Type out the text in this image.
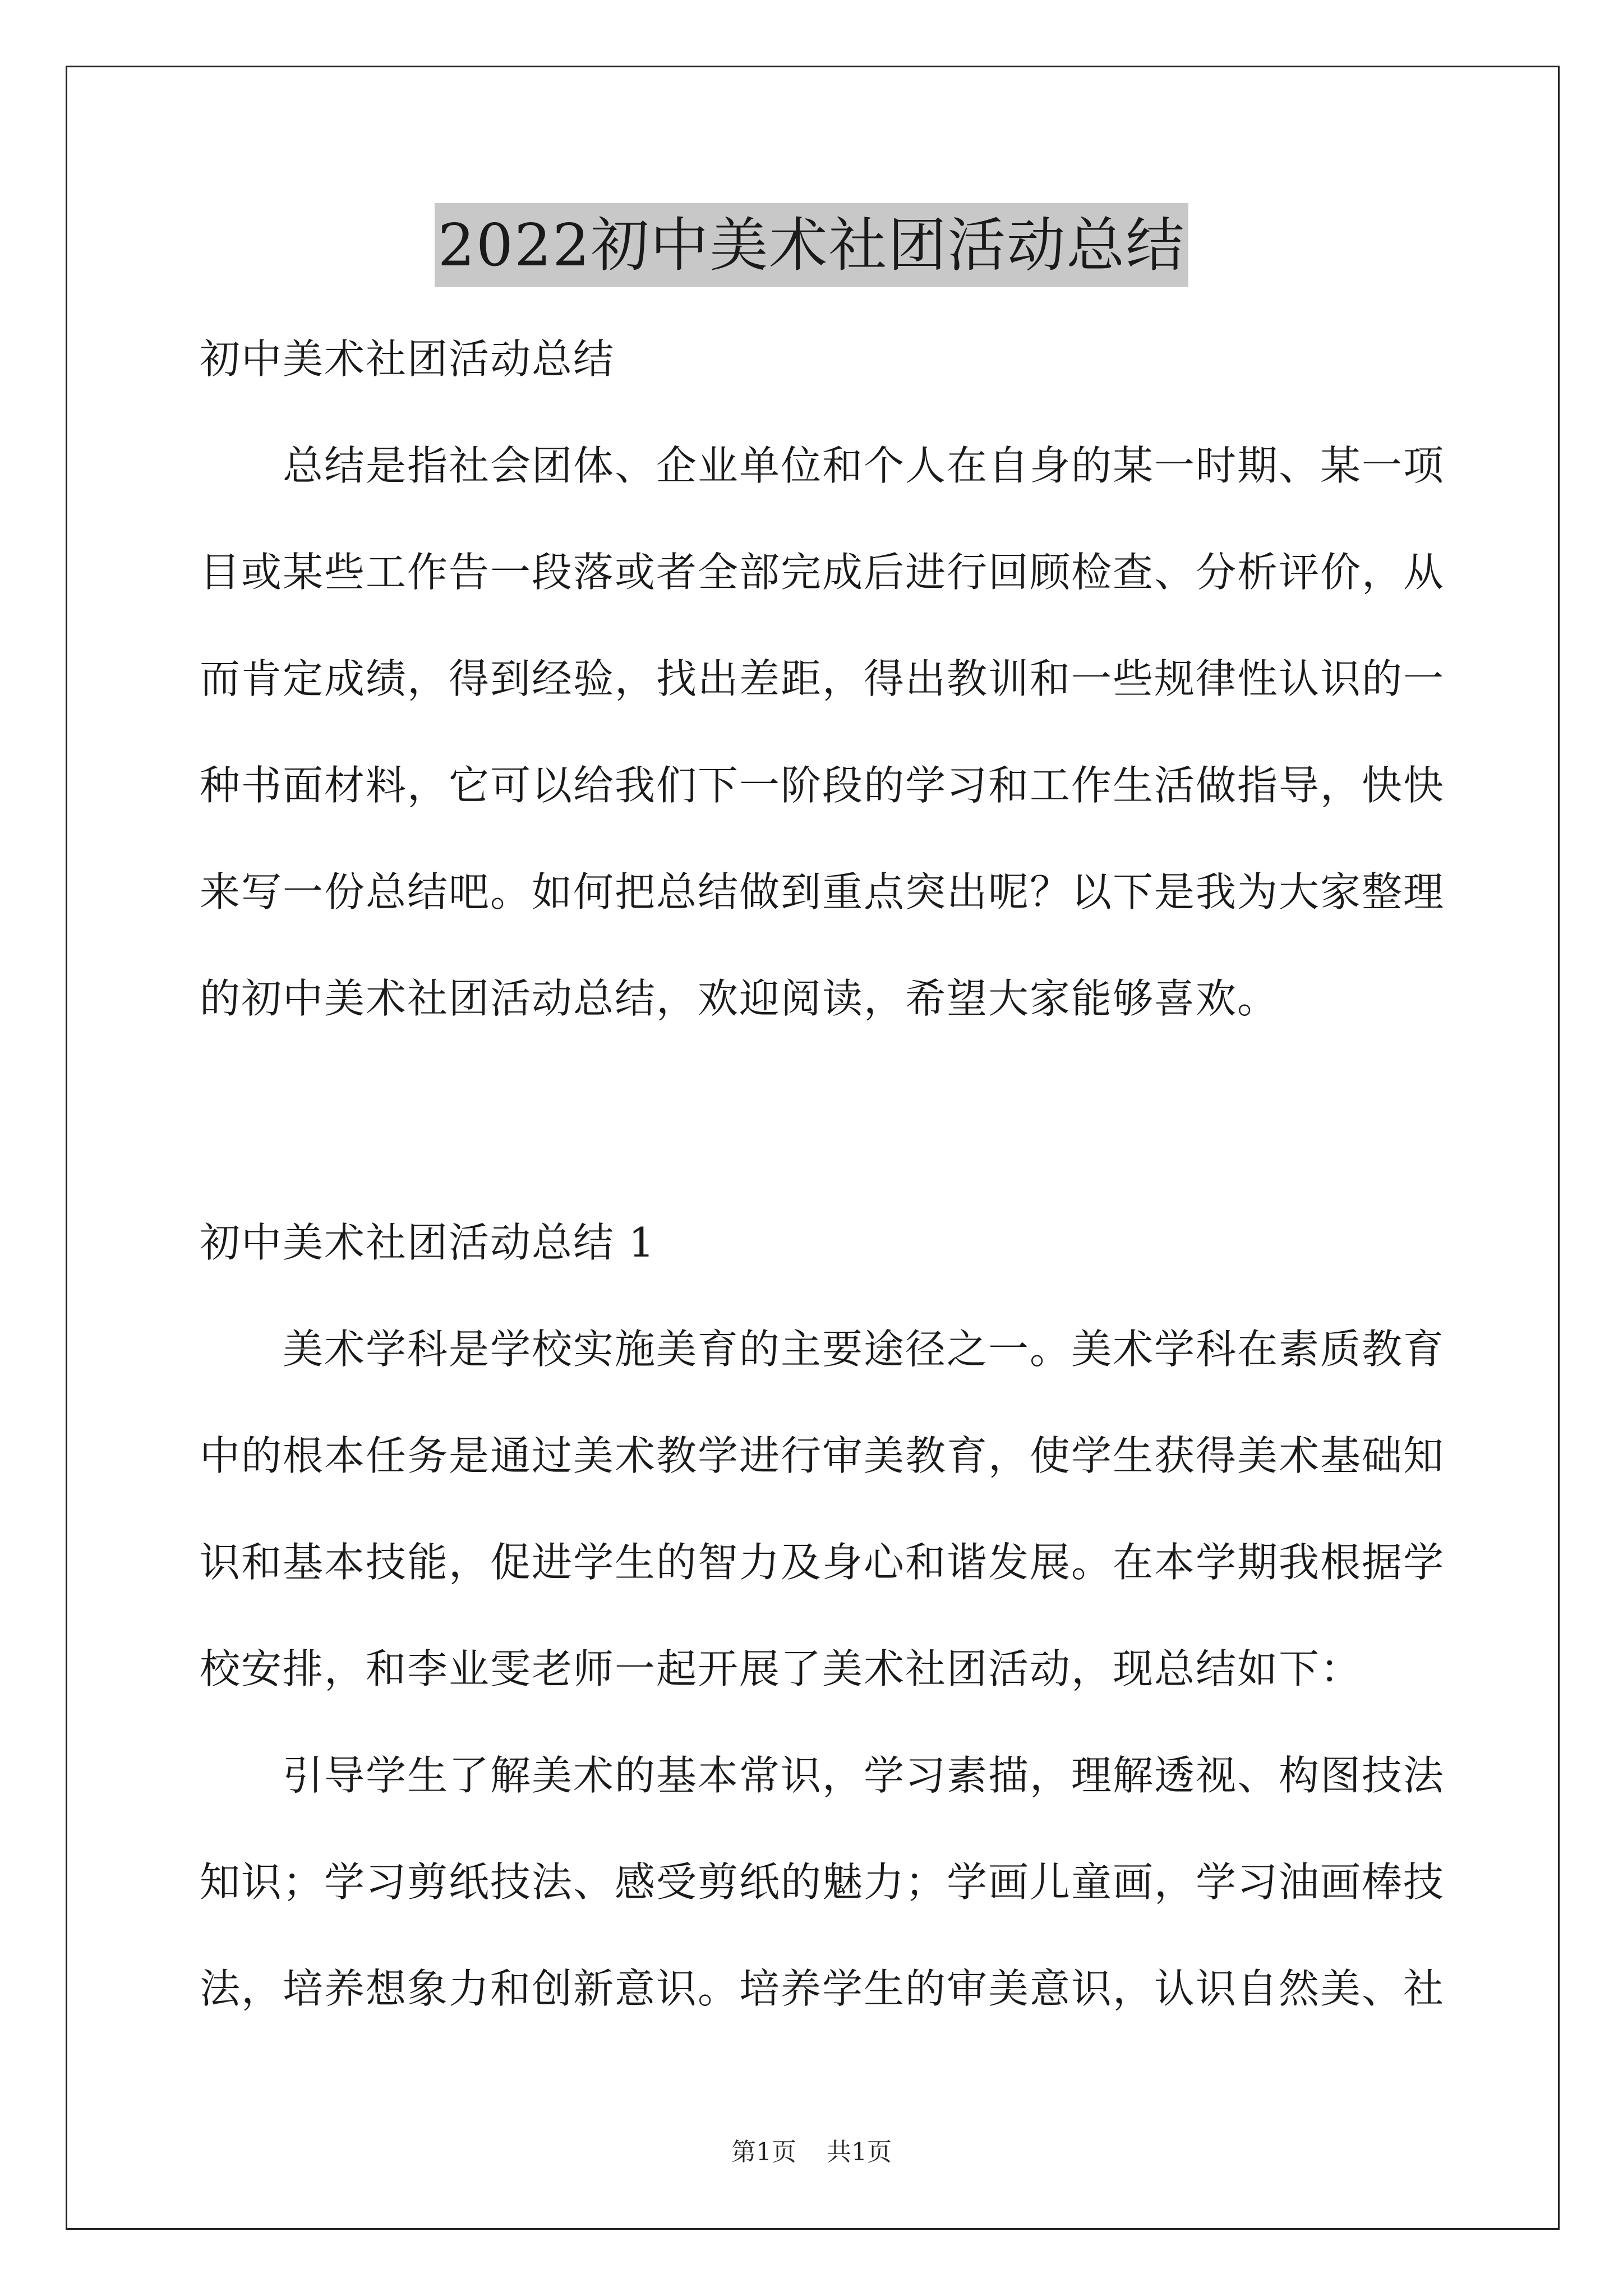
2022初中美术社团活动总结
初中美术社团活动总结
总结是指社会团体、企业单位和个人在自身的某一时期、某一项
目或某些工作告一段落或者全部完成后进行回顾检查、分析评价，从
而肯定成绩，得到经验，找出差距，得出教训和一些规律性认识的一
种书面材料，它可以给我们下一阶段的学习和工作生活做指导，快快
来写一份总结吧。如何把总结做到重点突出呢？以下是我为大家整理
的初中美术社团活动总结，欢迎阅读，希望大家能够喜欢。
初中美术社团活动总结 1
美术学科是学校实施美育的主要途径之一。美术学科在素质教育
中的根本任务是通过美术教学进行审美教育，使学生获得美术基础知
识和基本技能，促进学生的智力及身心和谐发展。在本学期我根据学
校安排，和李业雯老师一起开展了美术社团活动，现总结如下：
引导学生了解美术的基本常识，学习素描，理解透视、构图技法
知识；学习剪纸技法、感受剪纸的魅力；学画儿童画，学习油画棒技
法，培养想象力和创新意识。培养学生的审美意识，认识自然美、社
第1页 共1页
